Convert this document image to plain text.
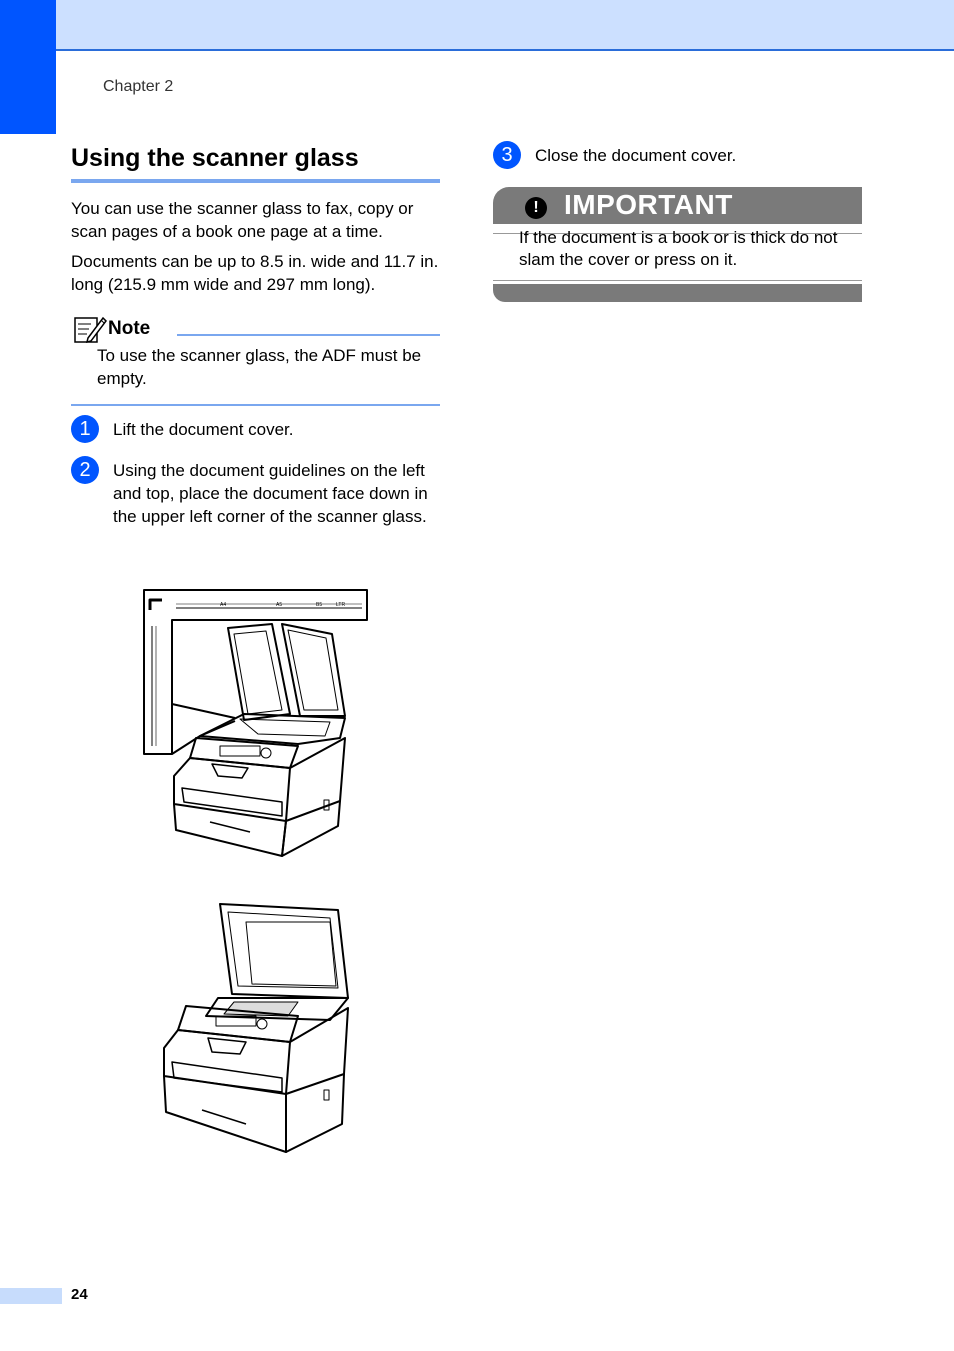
Chapter 2
Using the scanner glass

You can use the scanner glass to fax, copy or scan pages of a book one page at a time.

Documents can be up to 8.5 in. wide and 11.7 in. long (215.9 mm wide and 297 mm long).

Note
To use the scanner glass, the ADF must be empty.
1	Lift the document cover.
2	Using the document guidelines on the left and top, place the document face down in the upper left corner of the scanner glass.
A4	A5	B5	LTR
3	Close the document cover.
! IMPORTANT
If the document is a book or is thick do not slam the cover or press on it.
24
